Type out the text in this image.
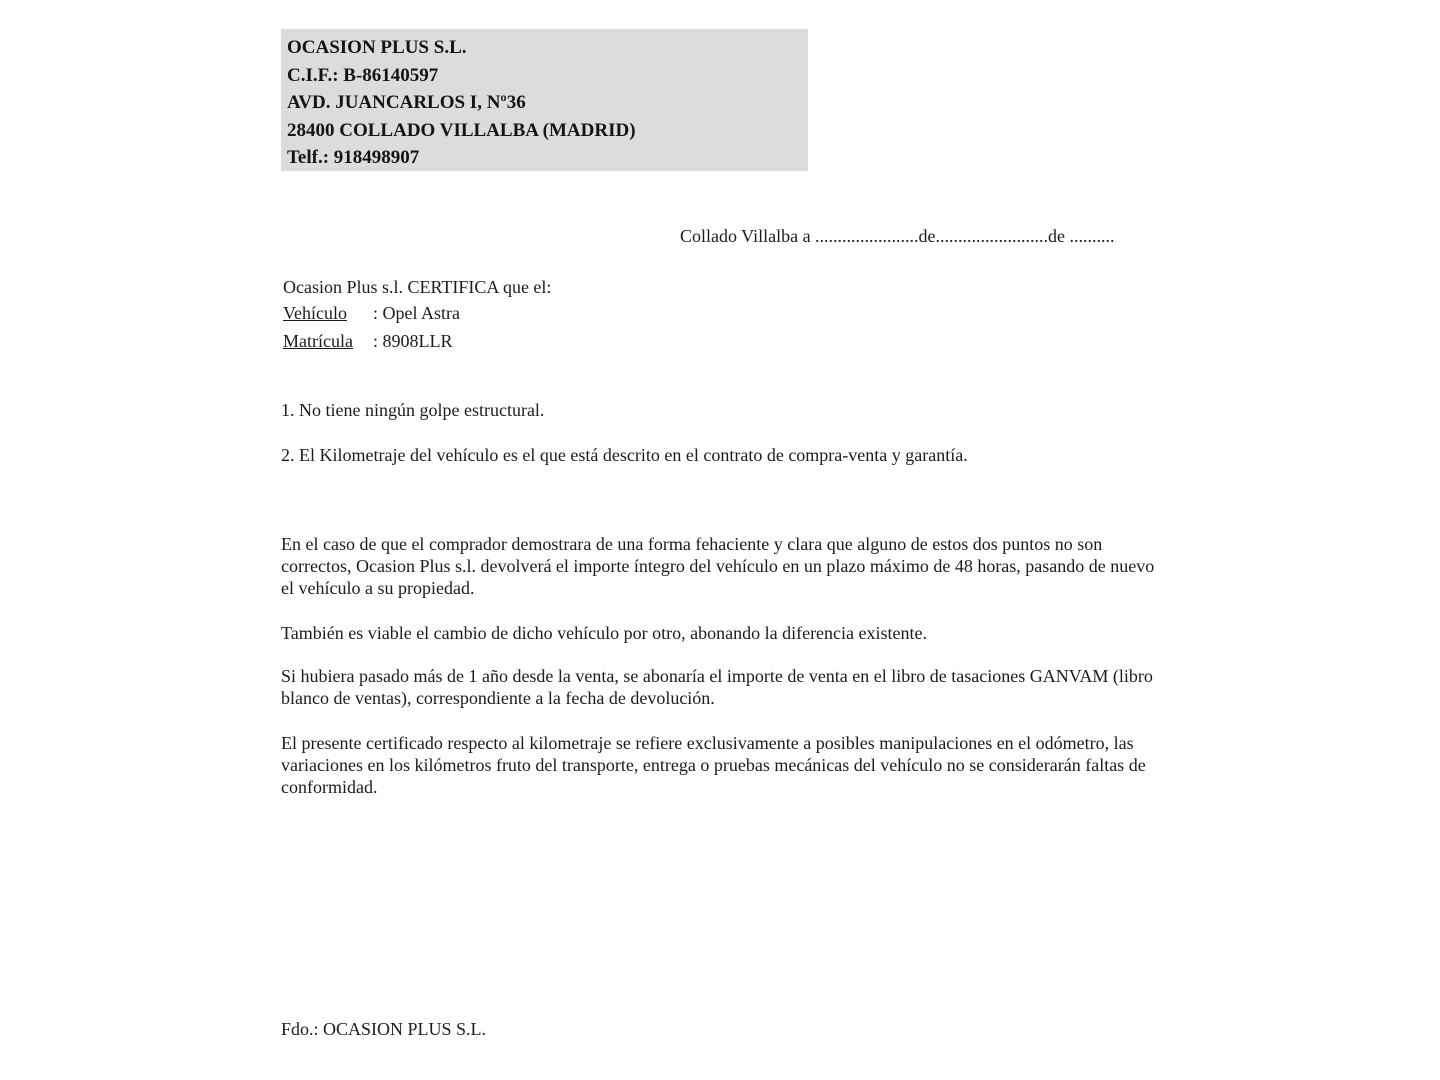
OCASION PLUS S.L.
C.I.F.: B-86140597
AVD. JUANCARLOS I, Nº36
28400 COLLADO VILLALBA (MADRID)
Telf.: 918498907
Collado Villalba a .......................de.........................de ..........
Ocasion Plus s.l. CERTIFICA que el:
Vehículo : Opel Astra
Matrícula : 8908LLR
1. No tiene ningún golpe estructural.
2. El Kilometraje del vehículo es el que está descrito en el contrato de compra-venta y garantía.
En el caso de que el comprador demostrara de una forma fehaciente y clara que alguno de estos dos puntos no son correctos, Ocasion Plus s.l. devolverá el importe íntegro del vehículo en un plazo máximo de 48 horas, pasando de nuevo el vehículo a su propiedad.
También es viable el cambio de dicho vehículo por otro, abonando la diferencia existente.
Si hubiera pasado más de 1 año desde la venta, se abonaría el importe de venta en el libro de tasaciones GANVAM (libro blanco de ventas), correspondiente a la fecha de devolución.
El presente certificado respecto al kilometraje se refiere exclusivamente a posibles manipulaciones en el odómetro, las variaciones en los kilómetros fruto del transporte, entrega o pruebas mecánicas del vehículo no se considerarán faltas de conformidad.
Fdo.: OCASION PLUS S.L.
